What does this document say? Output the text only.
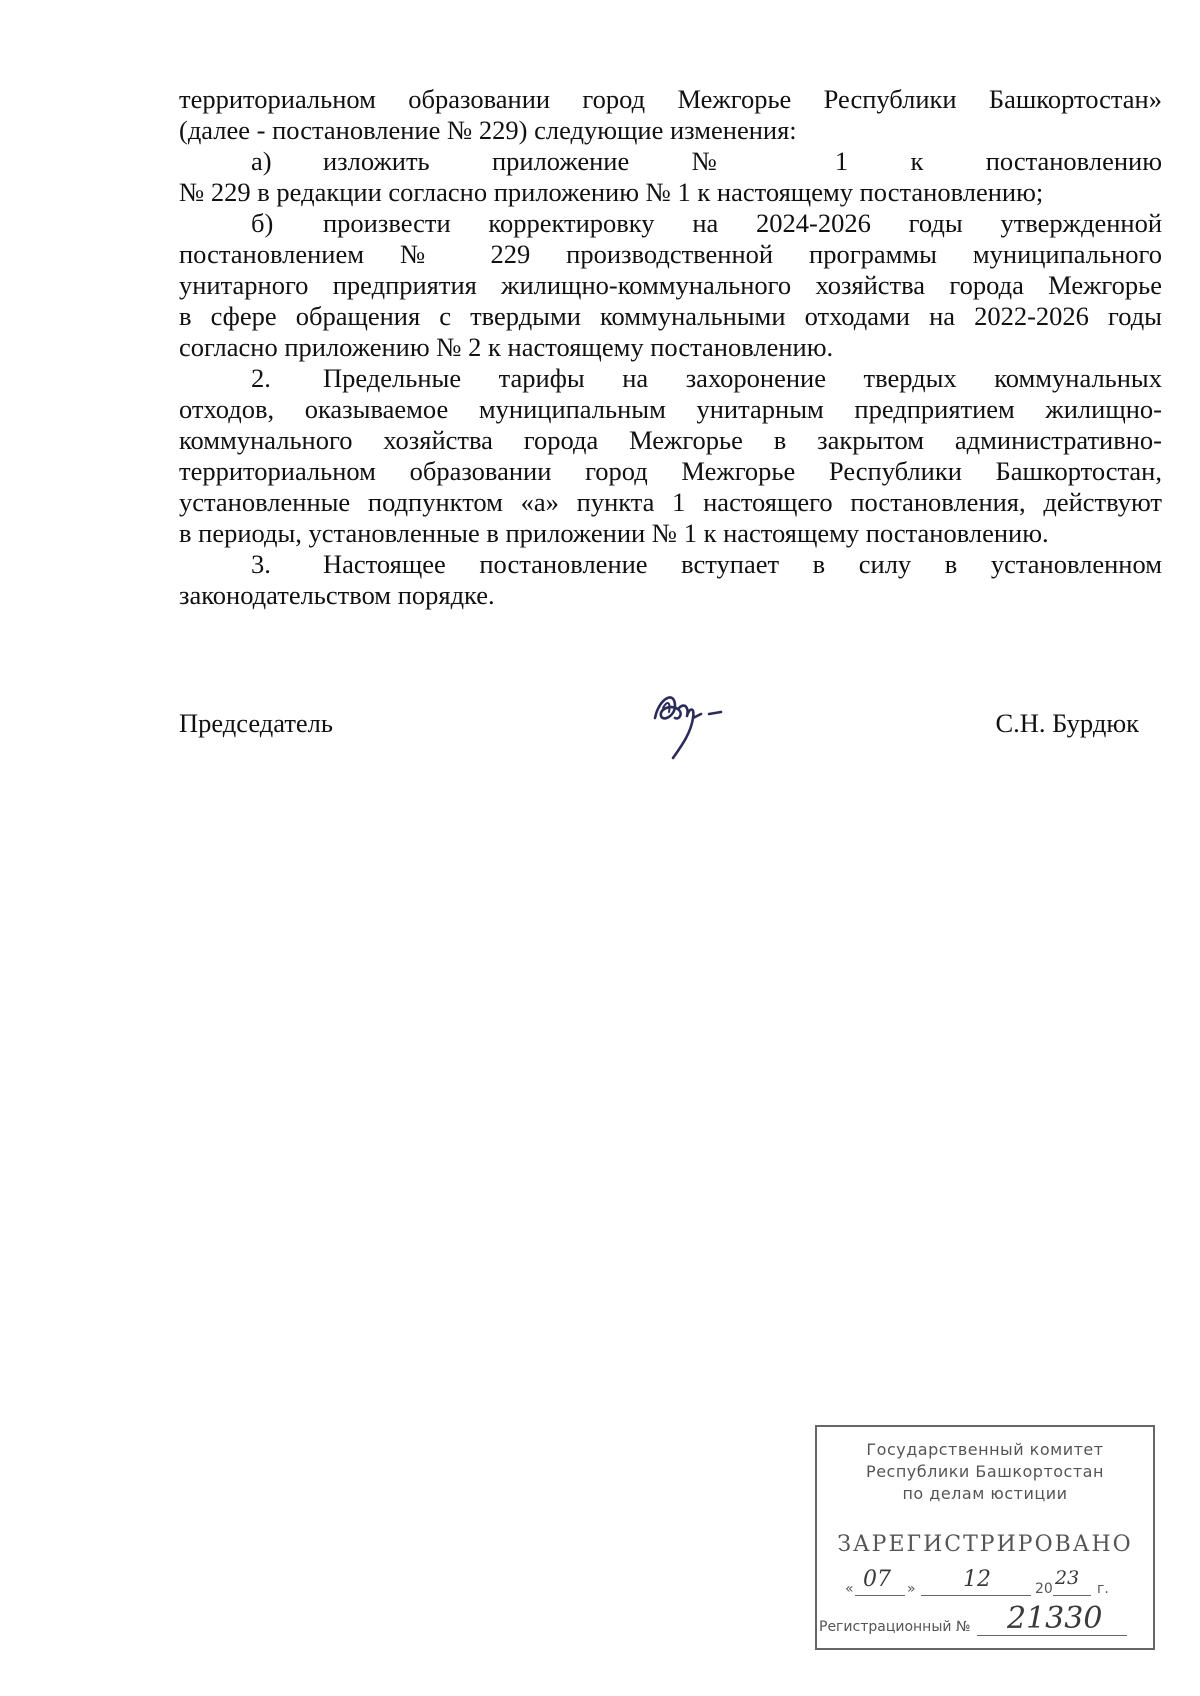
территориальном образовании город Межгорье Республики Башкортостан»
(далее - постановление № 229) следующие изменения:
а) изложить приложение № 1 к постановлению
№ 229 в редакции согласно приложению № 1 к настоящему постановлению;
б) произвести корректировку на 2024-2026 годы утвержденной
постановлением № 229 производственной программы муниципального
унитарного предприятия жилищно-коммунального хозяйства города Межгорье
в сфере обращения с твердыми коммунальными отходами на 2022-2026 годы
согласно приложению № 2 к настоящему постановлению.
2. Предельные тарифы на захоронение твердых коммунальных
отходов, оказываемое муниципальным унитарным предприятием жилищно-
коммунального хозяйства города Межгорье в закрытом административно-
территориальном образовании город Межгорье Республики Башкортостан,
установленные подпунктом «а» пункта 1 настоящего постановления, действуют
в периоды, установленные в приложении № 1 к настоящему постановлению.
3. Настоящее постановление вступает в силу в установленном
законодательством порядке.
Председатель	С.Н. Бурдюк
Государственный комитет
Республики Башкортостан
по делам юстиции
ЗАРЕГИСТРИРОВАНО
« 07 » 12	20 23 г.
Регистрационный № 21330
